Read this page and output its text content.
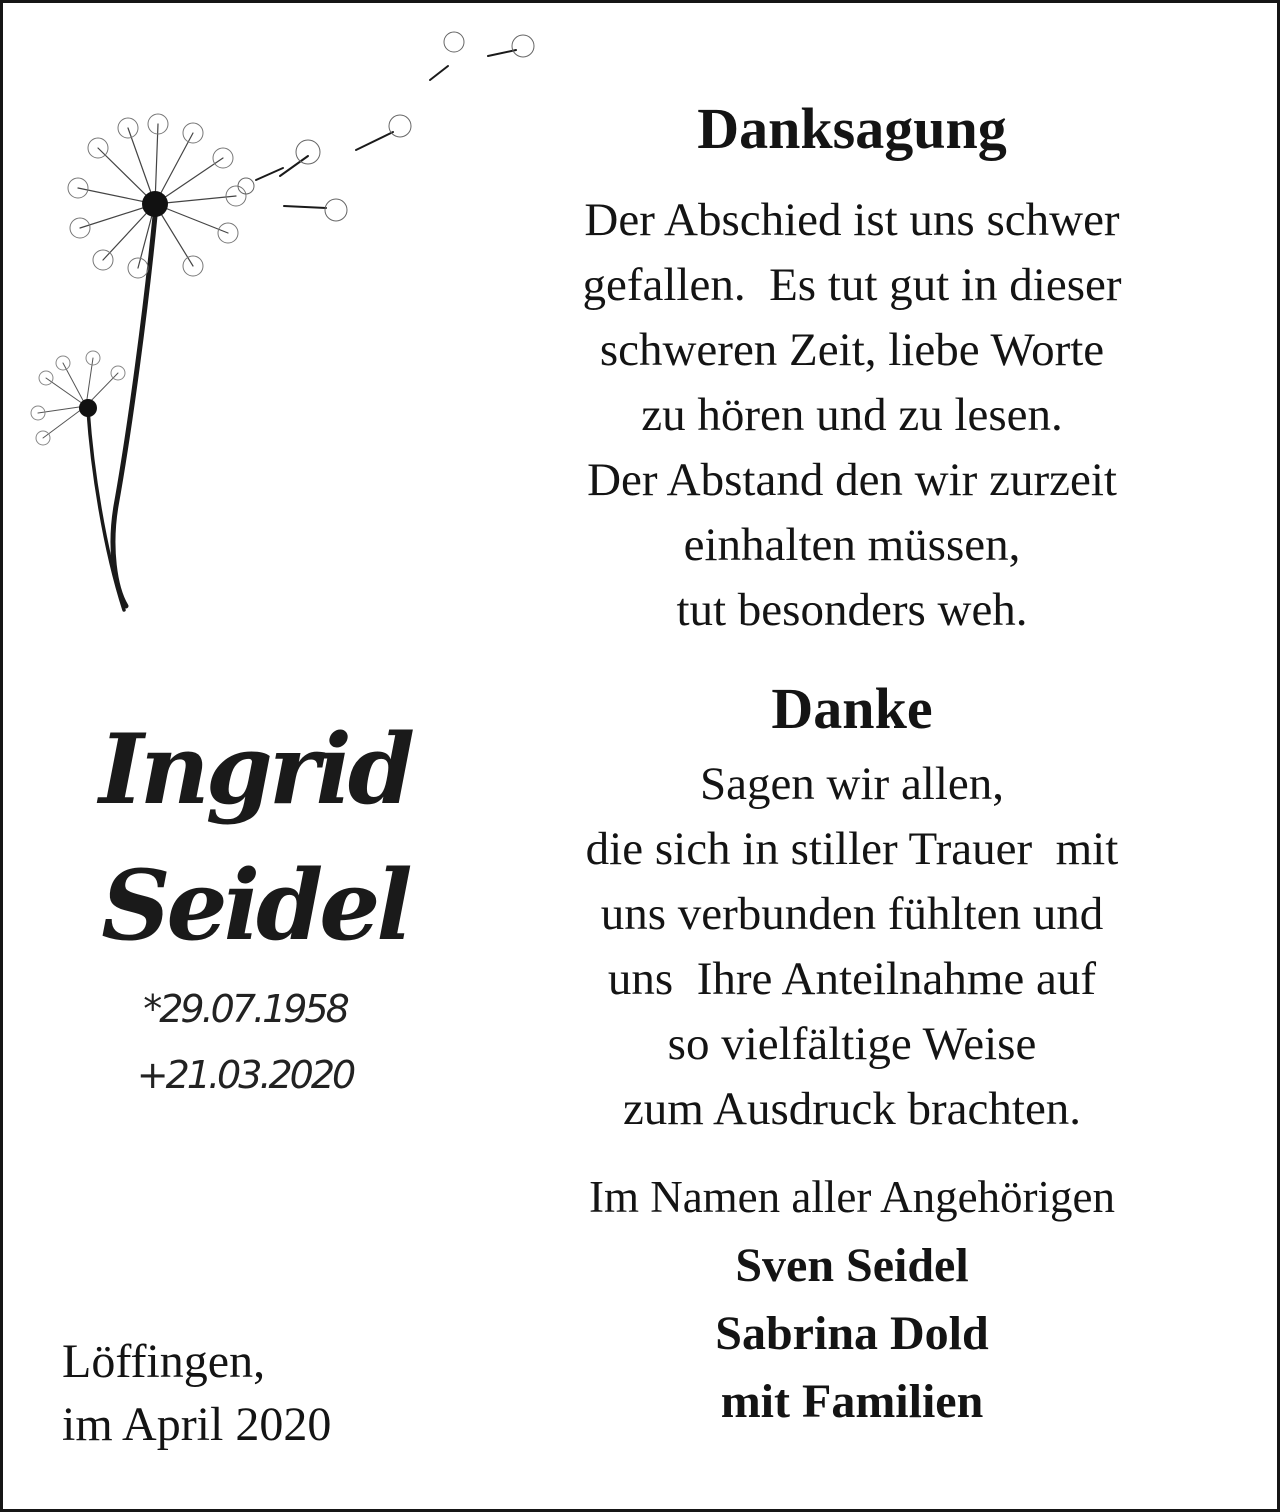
Ingrid
Seidel
*29.07.1958
+21.03.2020
Löffingen,
im April 2020
Danksagung
Der Abschied ist uns schwer
gefallen.  Es tut gut in dieser
schweren Zeit, liebe Worte
zu hören und zu lesen.
Der Abstand den wir zurzeit
einhalten müssen,
tut besonders weh.
Danke
Sagen wir allen,
die sich in stiller Trauer  mit
uns verbunden fühlten und
uns  Ihre Anteilnahme auf
so vielfältige Weise
zum Ausdruck brachten.
Im Namen aller Angehörigen
Sven Seidel
Sabrina Dold
mit Familien
